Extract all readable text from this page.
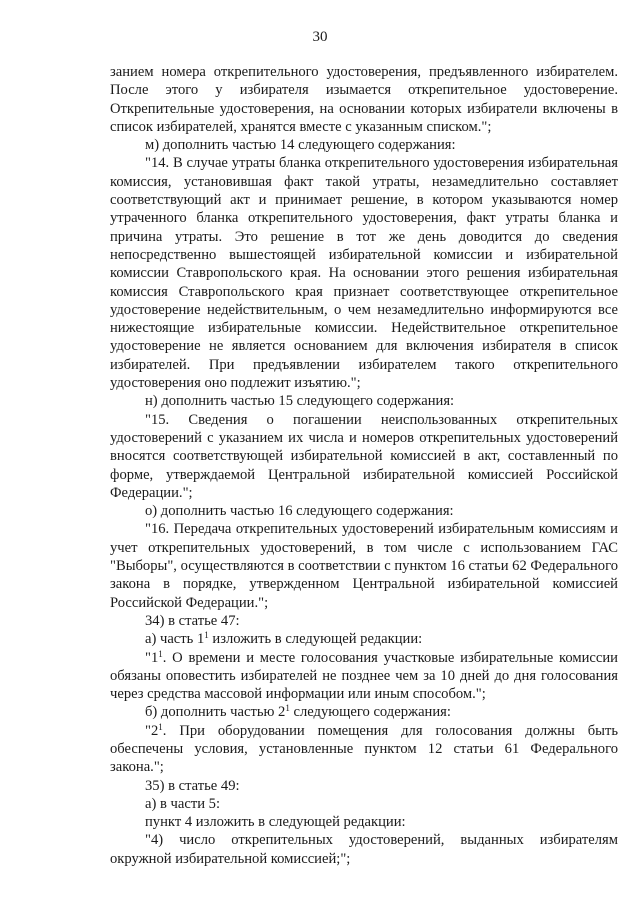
30

занием номера открепительного удостоверения, предъявленного избирателем. После этого у избирателя изымается открепительное удостоверение. Открепительные удостоверения, на основании которых избиратели включены в список избирателей, хранятся вместе с указанным списком.";

м) дополнить частью 14 следующего содержания:

"14. В случае утраты бланка открепительного удостоверения избирательная комиссия, установившая факт такой утраты, незамедлительно составляет соответствующий акт и принимает решение, в котором указываются номер утраченного бланка открепительного удостоверения, факт утраты бланка и причина утраты. Это решение в тот же день доводится до сведения непосредственно вышестоящей избирательной комиссии и избирательной комиссии Ставропольского края. На основании этого решения избирательная комиссия Ставропольского края признает соответствующее открепительное удостоверение недействительным, о чем незамедлительно информируются все нижестоящие избирательные комиссии. Недействительное открепительное удостоверение не является основанием для включения избирателя в список избирателей. При предъявлении избирателем такого открепительного удостоверения оно подлежит изъятию.";

н) дополнить частью 15 следующего содержания:

"15. Сведения о погашении неиспользованных открепительных удостоверений с указанием их числа и номеров открепительных удостоверений вносятся соответствующей избирательной комиссией в акт, составленный по форме, утверждаемой Центральной избирательной комиссией Российской Федерации.";

о) дополнить частью 16 следующего содержания:

"16. Передача открепительных удостоверений избирательным комиссиям и учет открепительных удостоверений, в том числе с использованием ГАС "Выборы", осуществляются в соответствии с пунктом 16 статьи 62 Федерального закона в порядке, утвержденном Центральной избирательной комиссией Российской Федерации.";

34) в статье 47:

а) часть $1^1$ изложить в следующей редакции:

"$1^1$. О времени и месте голосования участковые избирательные комиссии обязаны оповестить избирателей не позднее чем за 10 дней до дня голосования через средства массовой информации или иным способом.";

б) дополнить частью $2^1$ следующего содержания:

"$2^1$. При оборудовании помещения для голосования должны быть обеспечены условия, установленные пунктом 12 статьи 61 Федерального закона.";

35) в статье 49:

а) в части 5:

пункт 4 изложить в следующей редакции:

"4) число открепительных удостоверений, выданных избирателям окружной избирательной комиссией;";
